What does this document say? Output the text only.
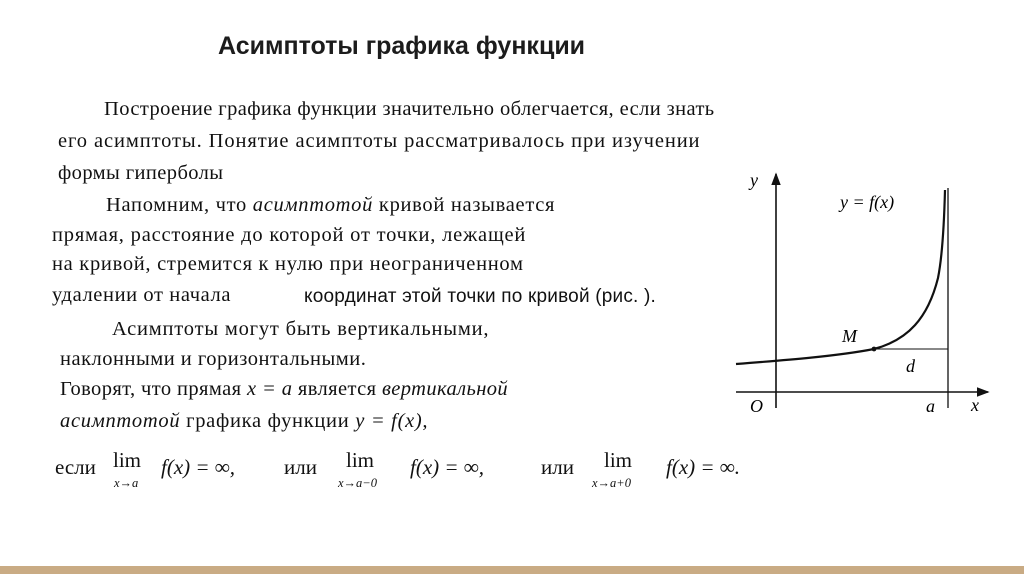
Асимптоты графика функции
Построение графика функции значительно облегчается, если знать
его асимптоты. Понятие асимптоты рассматривалось при изучении
формы гиперболы
Напомним, что асимптотой кривой называется
прямая, расстояние до которой от точки, лежащей
на кривой, стремится к нулю при неограниченном
удалении от начала	координат этой точки по кривой (рис. ).
Асимптоты могут быть вертикальными,
наклонными и горизонтальными.
Говорят, что прямая x = a является вертикальной
асимптотой графика функции y = f(x),
если lim
x→a
f(x) = ∞, или lim
x→a−0
f(x) = ∞,	или lim
x→a+0
f(x) = ∞.
y
x
O	a
y = f(x)
M
d
